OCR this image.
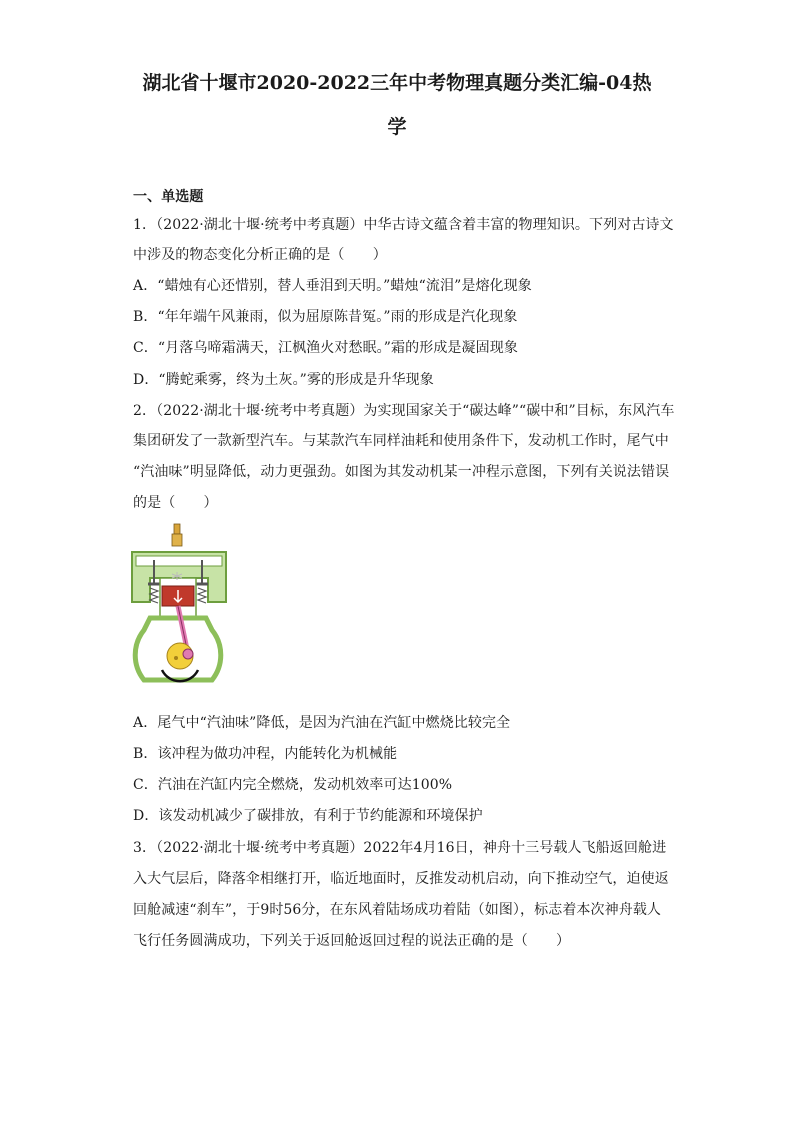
湖北省十堰市2020-2022三年中考物理真题分类汇编-04热
学
一、单选题
1．（2022·湖北十堰·统考中考真题）中华古诗文蕴含着丰富的物理知识。下列对古诗文
中涉及的物态变化分析正确的是（　　）
A．“蜡烛有心还惜别，替人垂泪到天明。”蜡烛“流泪”是熔化现象
B．“年年端午风兼雨，似为屈原陈昔冤。”雨的形成是汽化现象
C．“月落乌啼霜满天，江枫渔火对愁眠。”霜的形成是凝固现象
D．“腾蛇乘雾，终为土灰。”雾的形成是升华现象
2．（2022·湖北十堰·统考中考真题）为实现国家关于“碳达峰”“碳中和”目标，东风汽车
集团研发了一款新型汽车。与某款汽车同样油耗和使用条件下，发动机工作时，尾气中
“汽油味”明显降低，动力更强劲。如图为其发动机某一冲程示意图，下列有关说法错误
的是（　　）
A．尾气中“汽油味”降低，是因为汽油在汽缸中燃烧比较完全
B．该冲程为做功冲程，内能转化为机械能
C．汽油在汽缸内完全燃烧，发动机效率可达100%
D．该发动机减少了碳排放，有利于节约能源和环境保护
3．（2022·湖北十堰·统考中考真题）2022年4月16日，神舟十三号载人飞船返回舱进
入大气层后，降落伞相继打开，临近地面时，反推发动机启动，向下推动空气，迫使返
回舱减速“刹车”，于9时56分，在东风着陆场成功着陆（如图），标志着本次神舟载人
飞行任务圆满成功，下列关于返回舱返回过程的说法正确的是（　　）
